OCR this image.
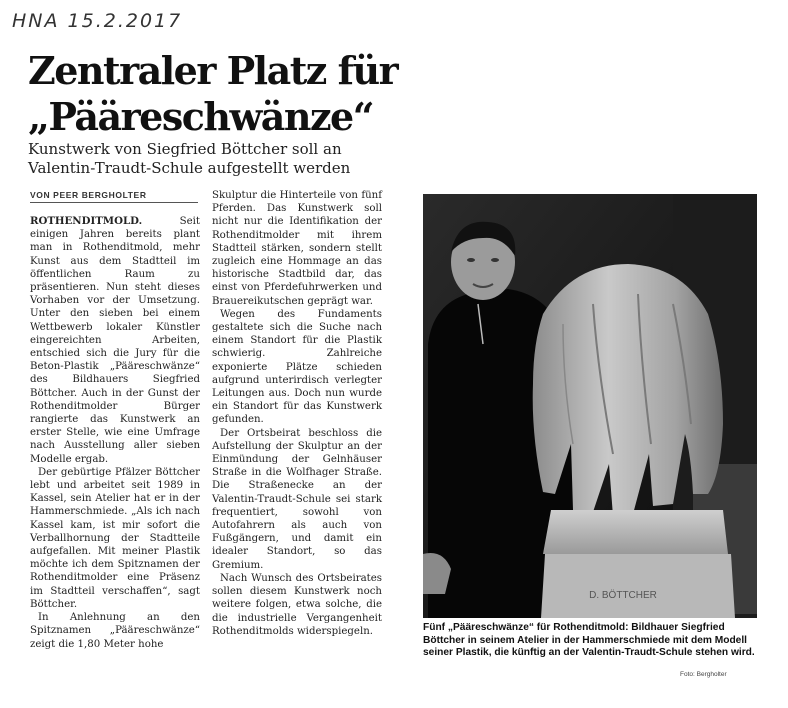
HNA 15.2.2017
Zentraler Platz für
„Pääreschwänze“

Kunstwerk von Siegfried Böttcher soll an
Valentin-Traudt-Schule aufgestellt werden

VON PEER BERGHOLTER

ROTHENDITMOLD.	Seit einigen Jahren bereits plant man in Rothenditmold, mehr Kunst aus dem Stadtteil im öffentlichen Raum zu präsentieren. Nun steht dieses Vorhaben vor der Umsetzung. Unter den sieben bei einem Wettbewerb lokaler Künstler eingereichten Arbeiten, entschied sich die Jury für die Beton-Plastik „Pääreschwänze“ des Bildhauers Siegfried Böttcher. Auch in der Gunst der Rothenditmolder Bürger rangierte das Kunstwerk an erster Stelle, wie eine Umfrage nach Ausstellung aller sieben Modelle ergab.

Der gebürtige Pfälzer Böttcher lebt und arbeitet seit 1989 in Kassel, sein Atelier hat er in der Hammerschmiede. „Als ich nach Kassel kam, ist mir sofort die Verballhornung der Stadtteile aufgefallen. Mit meiner Plastik möchte ich dem Spitznamen der Rothenditmolder eine Präsenz im Stadtteil verschaffen“, sagt Böttcher.

In Anlehnung an den Spitznamen „Pääreschwänze“ zeigt die 1,80 Meter hohe

Skulptur die Hinterteile von fünf Pferden. Das Kunstwerk soll nicht nur die Identifikation der Rothenditmolder mit ihrem Stadtteil stärken, sondern stellt zugleich eine Hommage an das historische Stadtbild dar, das einst von Pferdefuhrwerken und Brauereikutschen geprägt war.

Wegen des Fundaments gestaltete sich die Suche nach einem Standort für die Plastik schwierig. Zahlreiche exponierte Plätze schieden aufgrund unterirdisch verlegter Leitungen aus. Doch nun wurde ein Standort für das Kunstwerk gefunden.

Der Ortsbeirat beschloss die Aufstellung der Skulptur an der Einmündung der Gelnhäuser Straße in die Wolfhager Straße. Die Straßenecke an der Valentin-Traudt-Schule sei stark frequentiert, sowohl von Autofahrern als auch von Fußgängern, und damit ein idealer Standort, so das Gremium.

Nach Wunsch des Ortsbeirates sollen diesem Kunstwerk noch weitere folgen, etwa solche, die die industrielle Vergangenheit Rothenditmolds widerspiegeln.

D. BÖTTCHER

Fünf „Pääreschwänze“ für Rothenditmold: Bildhauer Siegfried Böttcher in seinem Atelier in der Hammerschmiede mit dem Modell seiner Plastik, die künftig an der Valentin-Traudt-Schule stehen wird.

Foto: Bergholter
